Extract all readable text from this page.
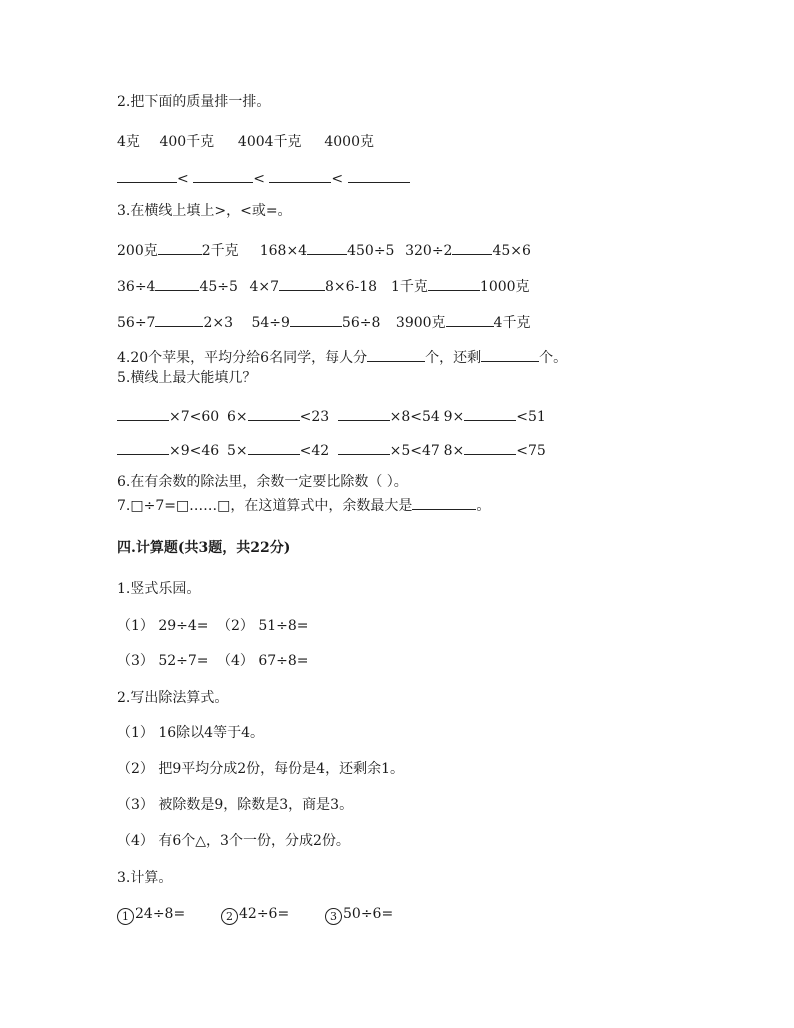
2.把下面的质量排一排。
4克 400千克 4004千克 4000克
<	<	<
3.在横线上填上>，<或=。
200克	2千克 168×4	450÷5 320÷2	45×6
36÷4	45÷5 4×7	8×6-18 1千克	1000克
56÷7	2×3 54÷9	56÷8 3900克	4千克
4.20个苹果，平均分给6名同学，每人分	个，还剩	个。
5.横线上最大能填几？
×7<60 6×	<23	×8<54 9×	<51
×9<46 5×	<42	×5<47 8×	<75
6.在有余数的除法里，余数一定要比除数（ ）。
7.□÷7=□……□，在这道算式中，余数最大是	。
四.计算题(共3题，共22分)
1.竖式乐园。
（1） 29÷4= （2） 51÷8=
（3） 52÷7= （4） 67÷8=
2.写出除法算式。
（1） 16除以4等于4。
（2） 把9平均分成2份，每份是4，还剩余1。
（3） 被除数是9，除数是3，商是3。
（4） 有6个△，3个一份，分成2份。
3.计算。
1 24÷8=	2 42÷6=	3 50÷6=
